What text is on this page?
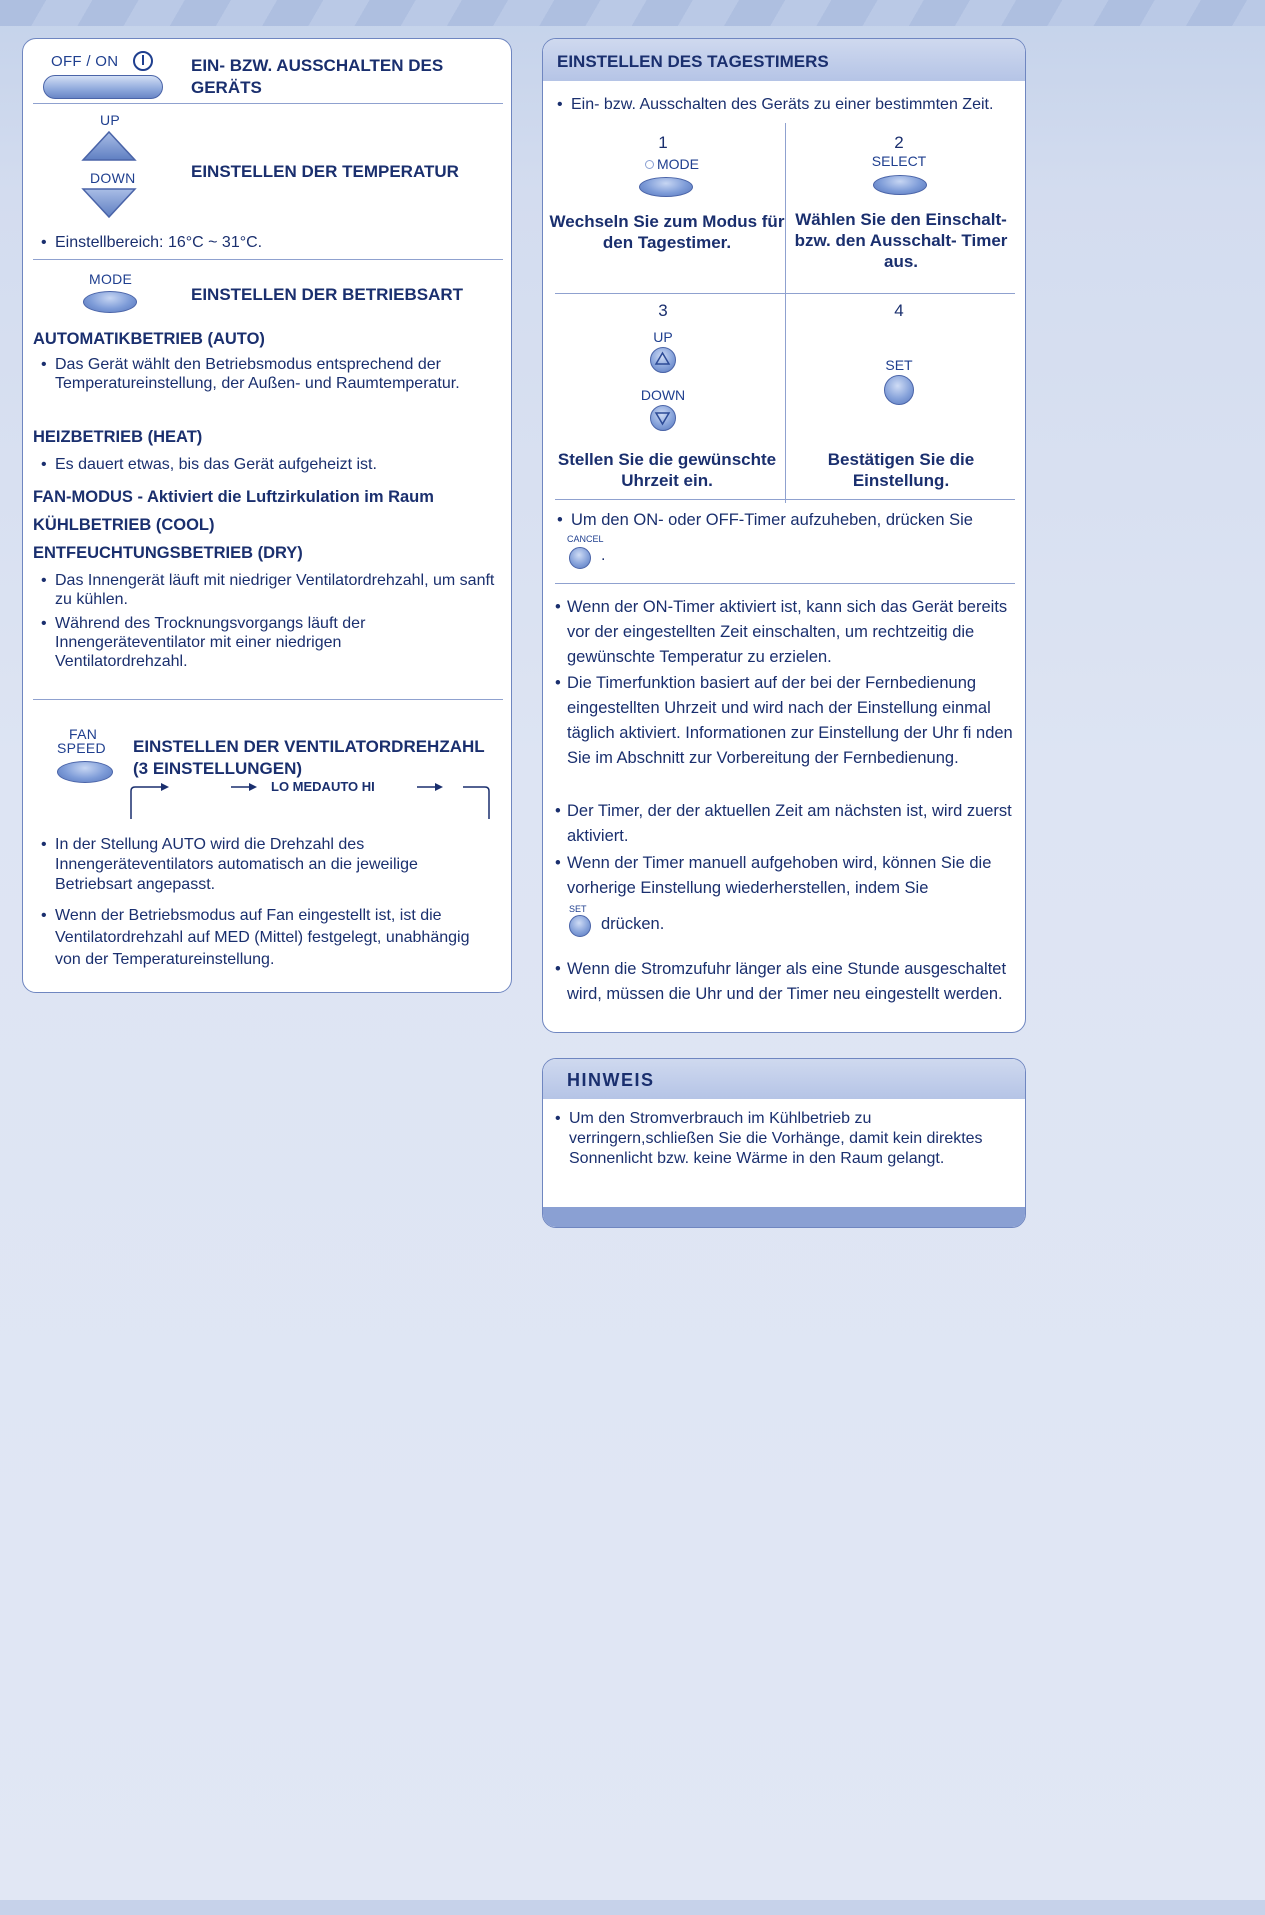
OFF / ON	EIN- BZW. AUSSCHALTEN DES GERÄTS
UP
DOWN	EINSTELLEN DER TEMPERATUR
• Einstellbereich: 16°C ~ 31°C.
MODE
EINSTELLEN DER BETRIEBSART
AUTOMATIKBETRIEB (AUTO)
• Das Gerät wählt den Betriebsmodus entsprechend der Temperatureinstellung, der Außen- und Raumtemperatur.
HEIZBETRIEB (HEAT)
• Es dauert etwas, bis das Gerät aufgeheizt ist.
FAN-MODUS - Aktiviert die Luftzirkulation im Raum
KÜHLBETRIEB (COOL)
ENTFEUCHTUNGSBETRIEB (DRY)
• Das Innengerät läuft mit niedriger Ventilatordrehzahl, um sanft zu kühlen.
• Während des Trocknungsvorgangs läuft der Innengeräteventilator mit einer niedrigen Ventilatordrehzahl.
FAN
SPEED EINSTELLEN DER VENTILATORDREHZAHL (3 EINSTELLUNGEN)
LO MEDAUTO HI
• In der Stellung AUTO wird die Drehzahl des Innengeräteventilators automatisch an die jeweilige Betriebsart angepasst.
• Wenn der Betriebsmodus auf Fan eingestellt ist, ist die Ventilatordrehzahl auf MED (Mittel) festgelegt, unabhängig von der Temperatureinstellung.
EINSTELLEN DES TAGESTIMERS
• Ein- bzw. Ausschalten des Geräts zu einer bestimmten Zeit.
1
MODE
Wechseln Sie zum Modus für den Tagestimer.
2
SELECT
Wählen Sie den Einschalt-bzw. den Ausschalt- Timer aus.
3
UP
DOWN
Stellen Sie die gewünschte Uhrzeit ein.
4
SET
Bestätigen Sie die Einstellung.
• Um den ON- oder OFF-Timer aufzuheben, drücken Sie
CANCEL
.
• Wenn der ON-Timer aktiviert ist, kann sich das Gerät bereits vor der eingestellten Zeit einschalten, um rechtzeitig die gewünschte Temperatur zu erzielen.
• Die Timerfunktion basiert auf der bei der Fernbedienung eingestellten Uhrzeit und wird nach der Einstellung einmal täglich aktiviert. Informationen zur Einstellung der Uhr ﬁ nden Sie im Abschnitt zur Vorbereitung der Fernbedienung.
• Der Timer, der der aktuellen Zeit am nächsten ist, wird zuerst aktiviert.
• Wenn der Timer manuell aufgehoben wird, können Sie die vorherige Einstellung wiederherstellen, indem Sie
SET
drücken.
• Wenn die Stromzufuhr länger als eine Stunde ausgeschaltet wird, müssen die Uhr und der Timer neu eingestellt werden.
HINWEIS
• Um den Stromverbrauch im Kühlbetrieb zu verringern,schließen Sie die Vorhänge, damit kein direktes Sonnenlicht bzw. keine Wärme in den Raum gelangt.
